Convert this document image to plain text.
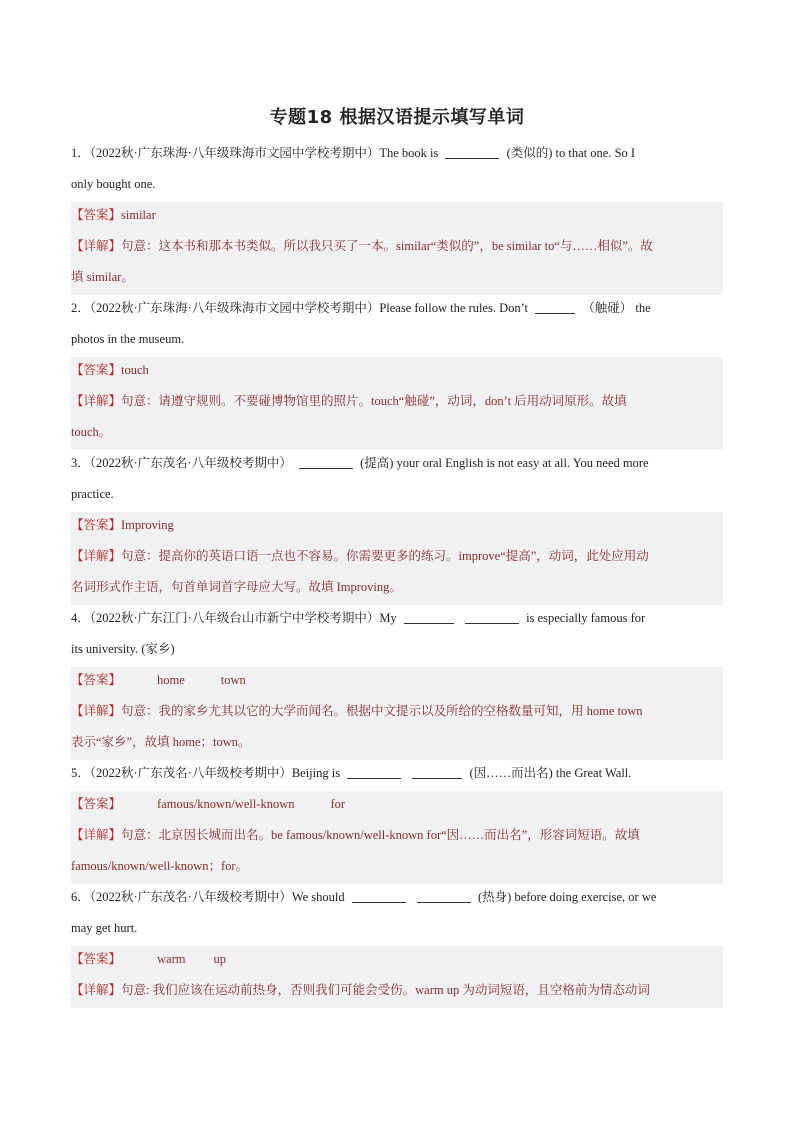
专题18 根据汉语提示填写单词
1．（2022秋·广东珠海·八年级珠海市文园中学校考期中）The book is	(类似的) to that one. So I
only bought one.
【答案】similar
【详解】句意：这本书和那本书类似。所以我只买了一本。similar“类似的”，be similar to“与……相似”。故
填 similar。
2．（2022秋·广东珠海·八年级珠海市文园中学校考期中）Please follow the rules. Don’t	（触碰） the
photos in the museum.
【答案】touch
【详解】句意：请遵守规则。不要碰博物馆里的照片。touch“触碰”，动词，don’t 后用动词原形。故填
touch。
3．（2022秋·广东茂名·八年级校考期中）	(提高) your oral English is not easy at all. You need more
practice.
【答案】Improving
【详解】句意：提高你的英语口语一点也不容易。你需要更多的练习。improve“提高”，动词，此处应用动
名词形式作主语，句首单词首字母应大写。故填 Improving。
4．（2022秋·广东江门·八年级台山市新宁中学校考期中）My	is especially famous for
its university. (家乡)
【答案】	home	town
【详解】句意：我的家乡尤其以它的大学而闻名。根据中文提示以及所给的空格数量可知，用 home town
表示“家乡”，故填 home；town。
5．（2022秋·广东茂名·八年级校考期中）Beijing is	(因……而出名) the Great Wall.
【答案】	famous/known/well-known	for
【详解】句意：北京因长城而出名。be famous/known/well-known for“因……而出名”，形容词短语。故填
famous/known/well-known；for。
6．（2022秋·广东茂名·八年级校考期中）We should	(热身) before doing exercise, or we
may get hurt.
【答案】	warm up
【详解】句意: 我们应该在运动前热身，否则我们可能会受伤。warm up 为动词短语，且空格前为情态动词
